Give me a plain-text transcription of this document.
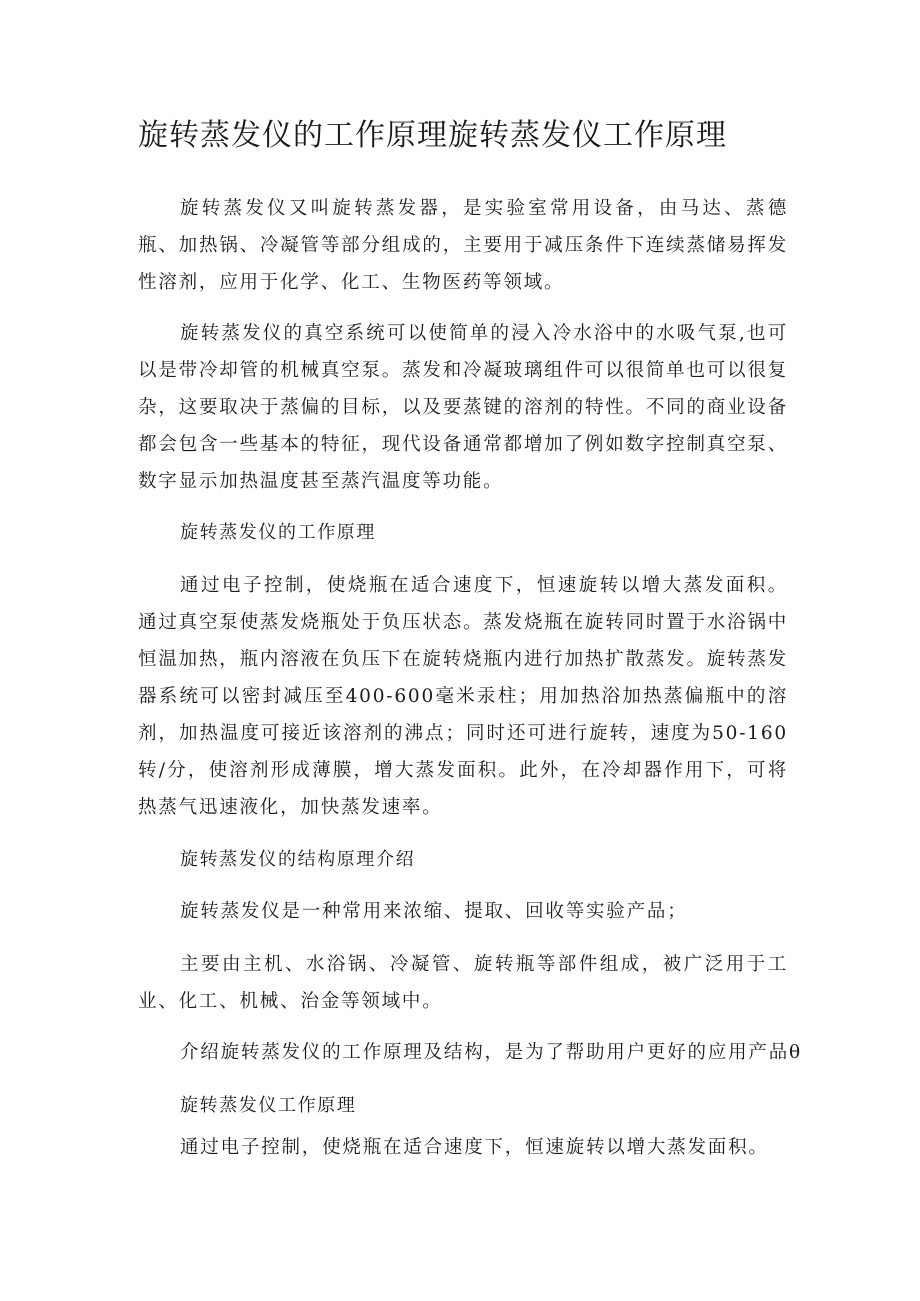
旋转蒸发仪的工作原理旋转蒸发仪工作原理

旋转蒸发仪又叫旋转蒸发器，是实验室常用设备，由马达、蒸德瓶、加热锅、冷凝管等部分组成的，主要用于减压条件下连续蒸储易挥发性溶剂，应用于化学、化工、生物医药等领域。

旋转蒸发仪的真空系统可以使简单的浸入冷水浴中的水吸气泵,也可以是带冷却管的机械真空泵。蒸发和冷凝玻璃组件可以很简单也可以很复杂，这要取决于蒸偏的目标，以及要蒸键的溶剂的特性。不同的商业设备都会包含一些基本的特征，现代设备通常都增加了例如数字控制真空泵、数字显示加热温度甚至蒸汽温度等功能。

旋转蒸发仪的工作原理

通过电子控制，使烧瓶在适合速度下，恒速旋转以增大蒸发面积。通过真空泵使蒸发烧瓶处于负压状态。蒸发烧瓶在旋转同时置于水浴锅中恒温加热，瓶内溶液在负压下在旋转烧瓶内进行加热扩散蒸发。旋转蒸发器系统可以密封减压至400-600毫米汞柱；用加热浴加热蒸偏瓶中的溶剂，加热温度可接近该溶剂的沸点；同时还可进行旋转，速度为50-160转/分，使溶剂形成薄膜，增大蒸发面积。此外，在冷却器作用下，可将热蒸气迅速液化，加快蒸发速率。

旋转蒸发仪的结构原理介绍

旋转蒸发仪是一种常用来浓缩、提取、回收等实验产品；

主要由主机、水浴锅、冷凝管、旋转瓶等部件组成，被广泛用于工业、化工、机械、治金等领域中。

介绍旋转蒸发仪的工作原理及结构，是为了帮助用户更好的应用产品θ

旋转蒸发仪工作原理

通过电子控制，使烧瓶在适合速度下，恒速旋转以增大蒸发面积。
